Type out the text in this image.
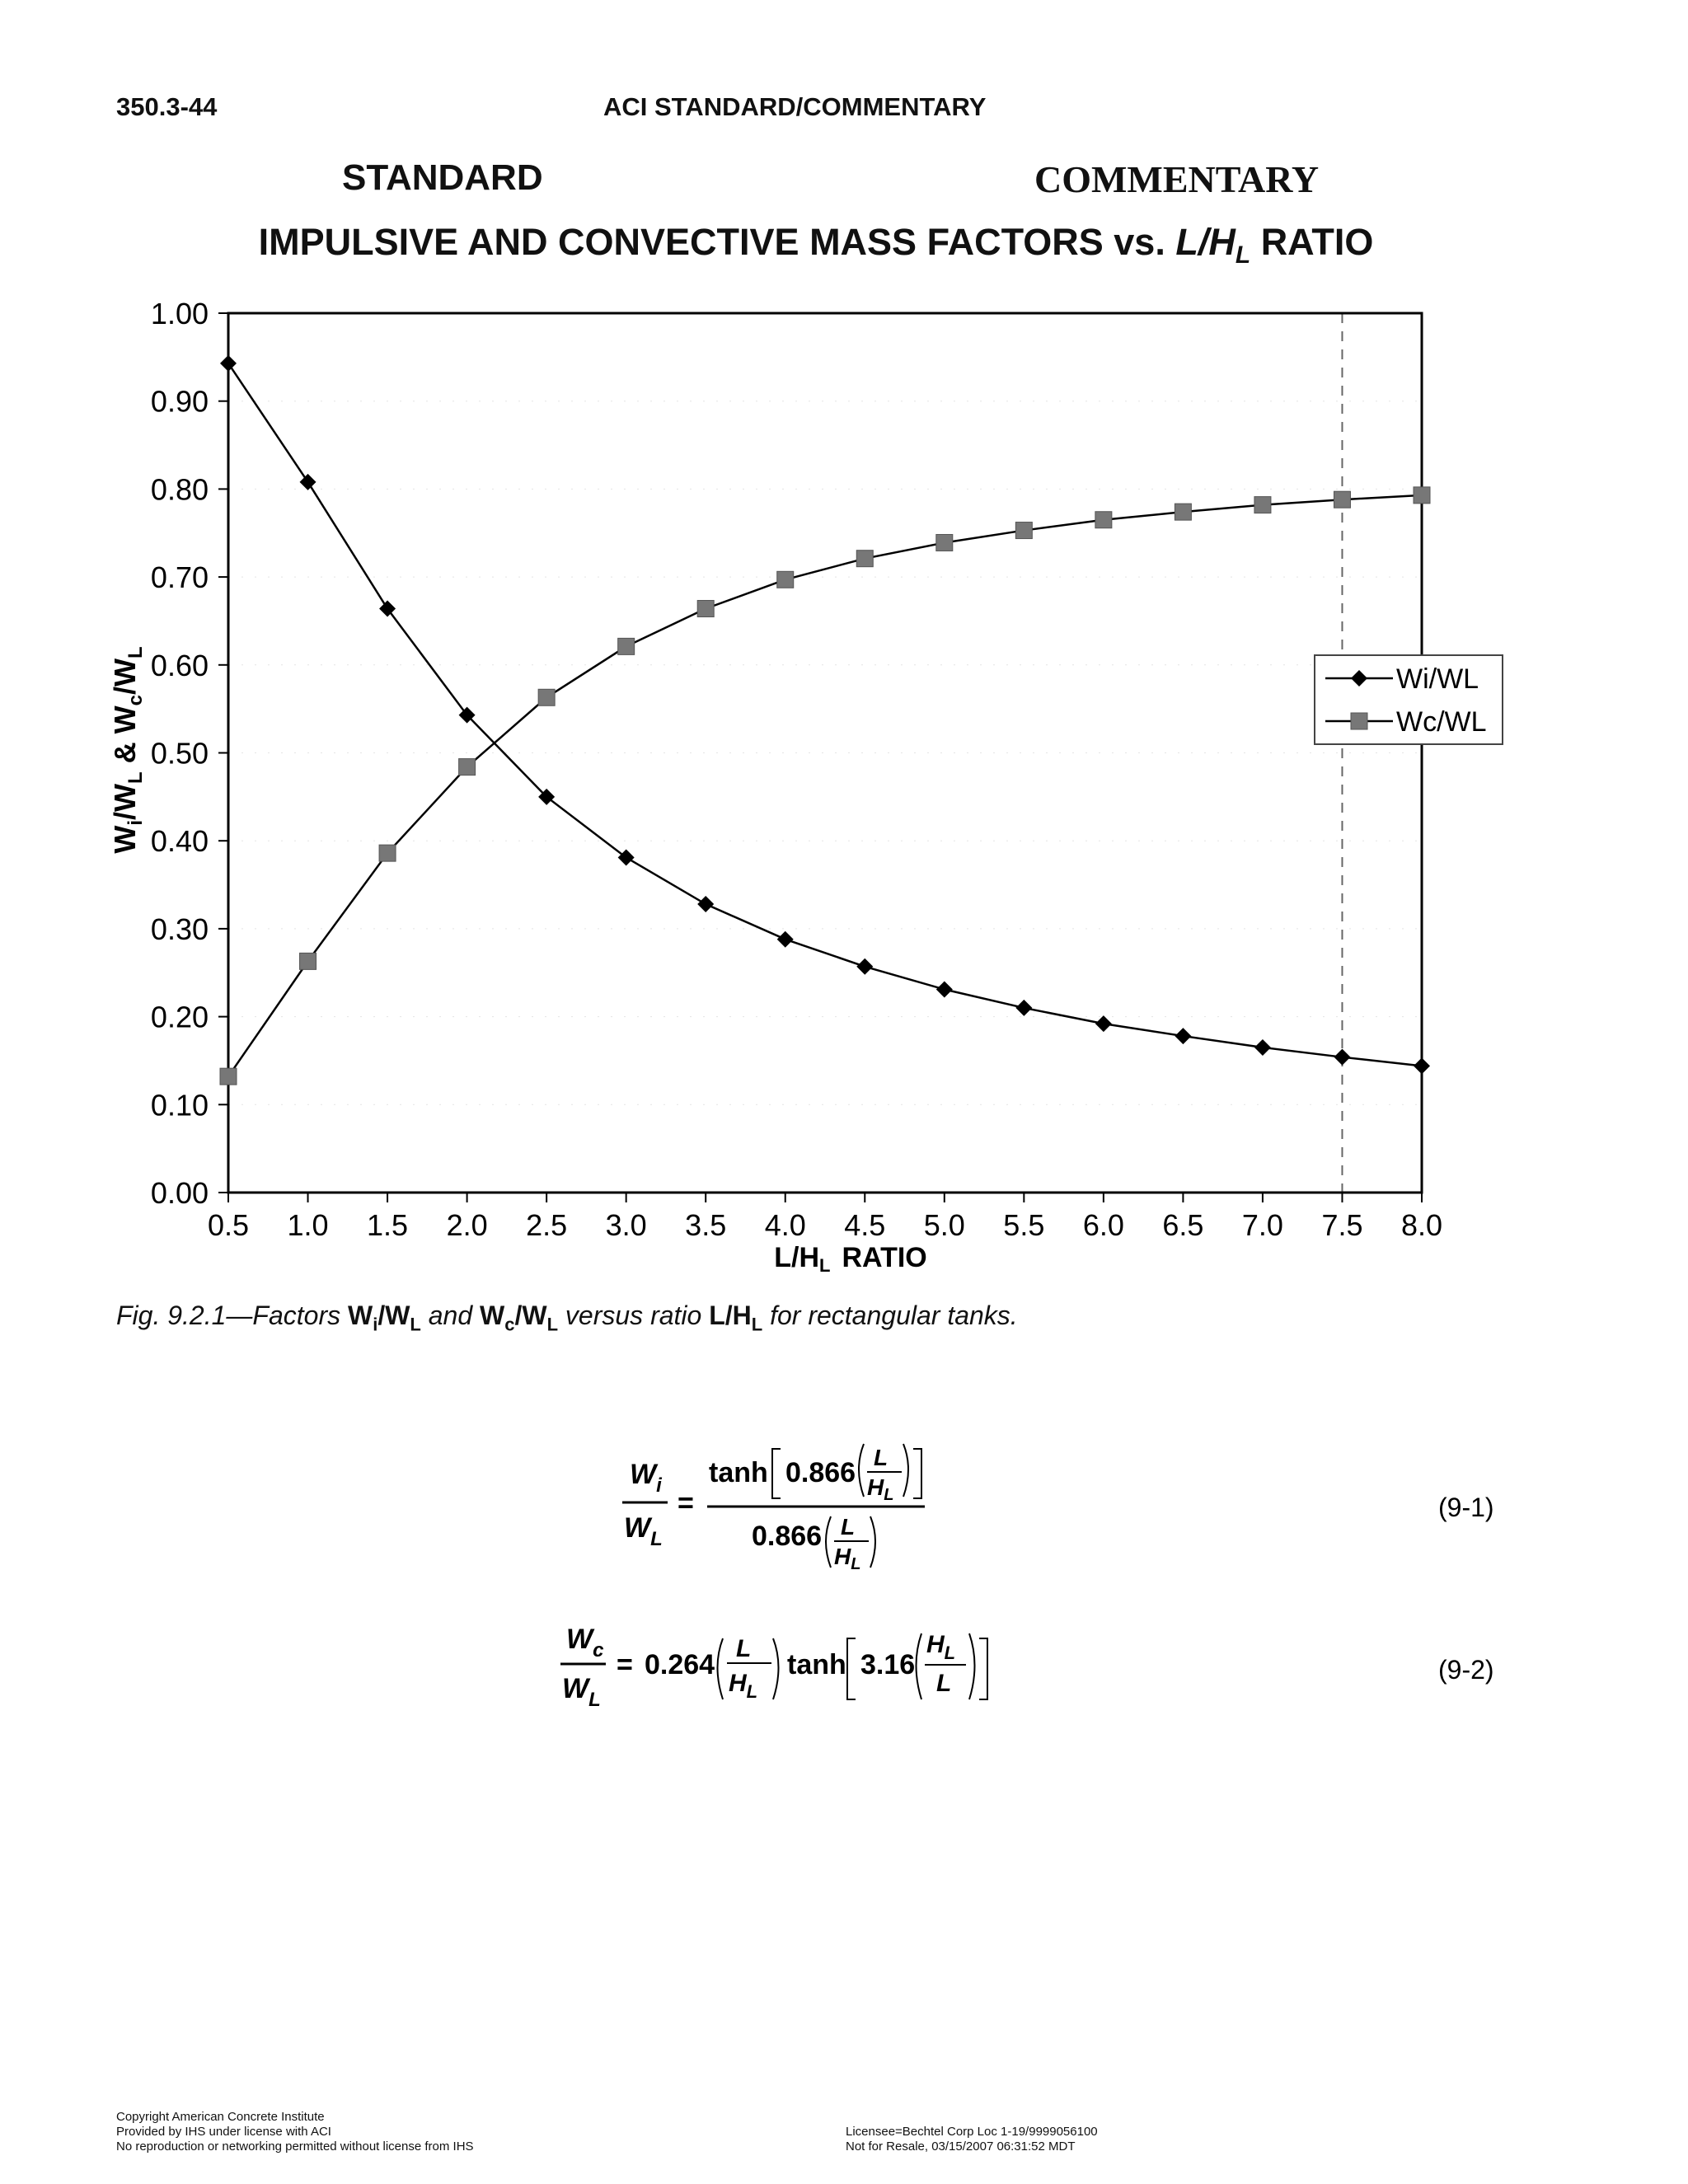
350.3-44	ACI STANDARD/COMMENTARY
STANDARD	COMMENTARY
IMPULSIVE AND CONVECTIVE MASS FACTORS vs. $L/H_L$ RATIO
0.00
0.10
0.20
0.30
0.40
0.50
0.60
0.70
0.80
0.90
1.00
0.5 1.0 1.5 2.0 2.5 3.0 3.5 4.0 4.5 5.0 5.5 6.0 6.5 7.0 7.5 8.0
$W_i/W_L$ & $W_c/W_L$
L/HL RATIO
Wi/WL
Wc/WL
Fig. 9.2.1—Factors $W_i/W_L$ and $W_c/W_L$ versus ratio $L/H_L$ for rectangular tanks.
$W_i$
$W_L$
=
tanh 0.866 L
$H_L$
0.866 L
$H_L$
(9-1)
$W_c$
$W_L$
= 0.264
L
$H_L$
tanh 3.16
$H_L$
L	(9-2)
Copyright American Concrete Institute
Provided by IHS under license with ACI
No reproduction or networking permitted without license from IHS
Licensee=Bechtel Corp Loc 1-19/9999056100
Not for Resale, 03/15/2007 06:31:52 MDT
